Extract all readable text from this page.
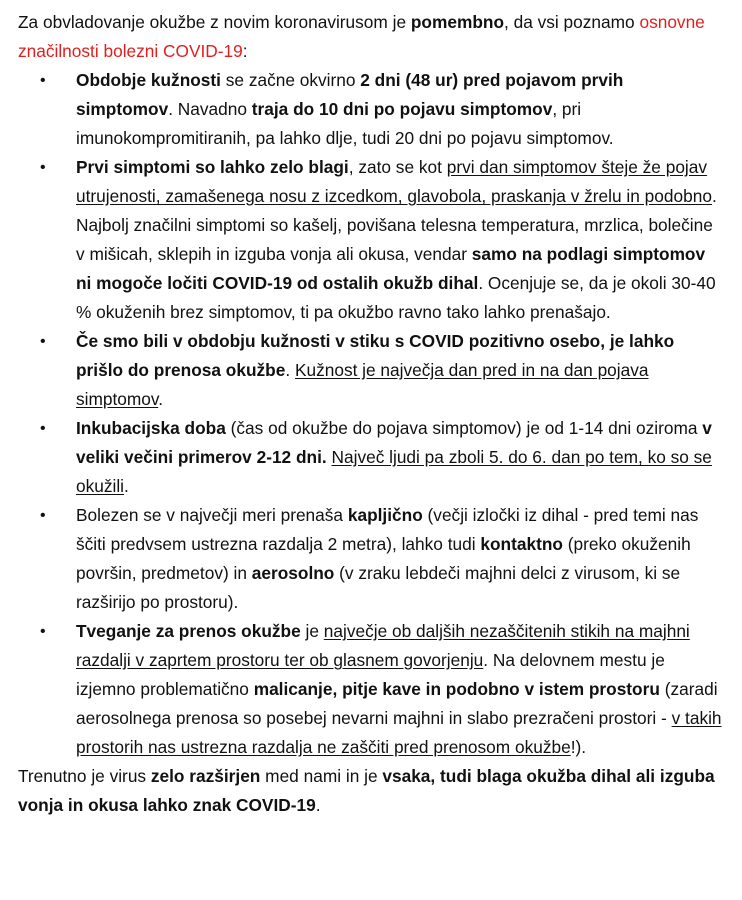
Za obvladovanje okužbe z novim koronavirusom je pomembno, da vsi poznamo osnovne značilnosti bolezni COVID-19:

• Obdobje kužnosti se začne okvirno 2 dni (48 ur) pred pojavom prvih simptomov. Navadno traja do 10 dni po pojavu simptomov, pri imunokompromitiranih, pa lahko dlje, tudi 20 dni po pojavu simptomov.
• Prvi simptomi so lahko zelo blagi, zato se kot prvi dan simptomov šteje že pojav utrujenosti, zamašenega nosu z izcedkom, glavobola, praskanja v žrelu in podobno. Najbolj značilni simptomi so kašelj, povišana telesna temperatura, mrzlica, bolečine v mišicah, sklepih in izguba vonja ali okusa, vendar samo na podlagi simptomov ni mogoče ločiti COVID-19 od ostalih okužb dihal. Ocenjuje se, da je okoli 30-40 % okuženih brez simptomov, ti pa okužbo ravno tako lahko prenašajo.
• Če smo bili v obdobju kužnosti v stiku s COVID pozitivno osebo, je lahko prišlo do prenosa okužbe. Kužnost je največja dan pred in na dan pojava simptomov.
• Inkubacijska doba (čas od okužbe do pojava simptomov) je od 1-14 dni oziroma v veliki večini primerov 2-12 dni. Največ ljudi pa zboli 5. do 6. dan po tem, ko so se okužili.
• Bolezen se v največji meri prenaša kapljično (večji izločki iz dihal - pred temi nas ščiti predvsem ustrezna razdalja 2 metra), lahko tudi kontaktno (preko okuženih površin, predmetov) in aerosolno (v zraku lebdeči majhni delci z virusom, ki se razširijo po prostoru).
• Tveganje za prenos okužbe je največje ob daljših nezaščitenih stikih na majhni razdalji v zaprtem prostoru ter ob glasnem govorjenju. Na delovnem mestu je izjemno problematično malicanje, pitje kave in podobno v istem prostoru (zaradi aerosolnega prenosa so posebej nevarni majhni in slabo prezračeni prostori - v takih prostorih nas ustrezna razdalja ne zaščiti pred prenosom okužbe!).

Trenutno je virus zelo razširjen med nami in je vsaka, tudi blaga okužba dihal ali izguba vonja in okusa lahko znak COVID-19.
